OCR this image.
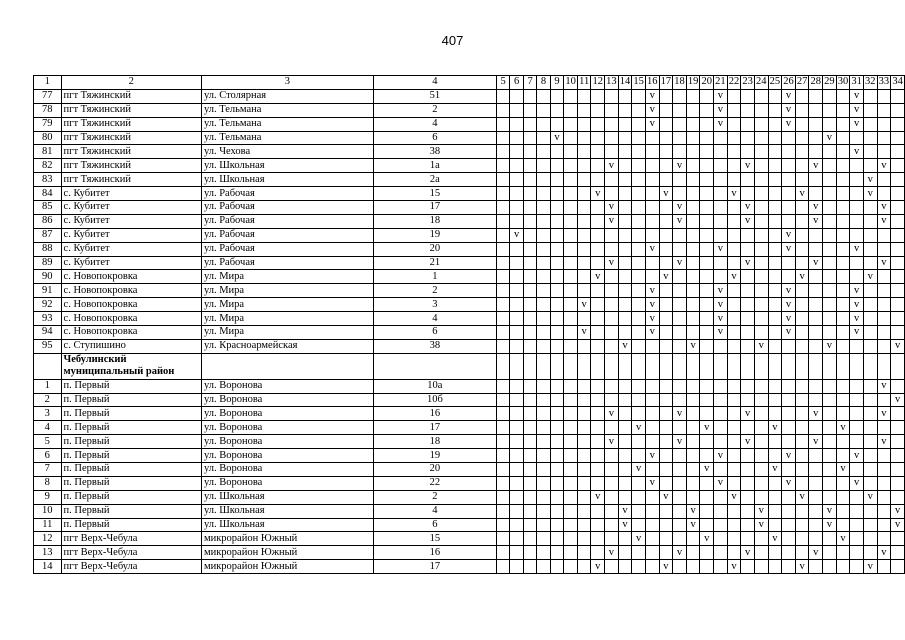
407
1	2	3	4	5	6	7	8	9	10	11	12	13	14	15	16	17	18	19	20	21	22	23	24	25	26	27	28	29	30	31	32	33	34
77	пгт Тяжинский	ул. Столярная	51												v					v					v					v			
78	пгт Тяжинский	ул. Тельмана	2												v					v					v					v			
79	пгт Тяжинский	ул. Тельмана	4												v					v					v					v			
80	пгт Тяжинский	ул. Тельмана	6					v																				v					
81	пгт Тяжинский	ул. Чехова	38																											v			
82	пгт Тяжинский	ул. Школьная	1а									v					v					v					v					v	
83	пгт Тяжинский	ул. Школьная	2а																												v		
84	с. Кубитет	ул. Рабочая	15								v					v					v					v					v		
85	с. Кубитет	ул. Рабочая	17									v					v					v					v					v	
86	с. Кубитет	ул. Рабочая	18									v					v					v					v					v	
87	с. Кубитет	ул. Рабочая	19		v																				v								
88	с. Кубитет	ул. Рабочая	20												v					v					v					v			
89	с. Кубитет	ул. Рабочая	21									v					v					v					v					v	
90	с. Новопокровка	ул. Мира	1								v					v					v					v					v		
91	с. Новопокровка	ул. Мира	2												v					v					v					v			
92	с. Новопокровка	ул. Мира	3							v					v					v					v					v			
93	с. Новопокровка	ул. Мира	4												v					v					v					v			
94	с. Новопокровка	ул. Мира	6							v					v					v					v					v			
95	с. Ступишино	ул. Красноармейская	38										v					v					v					v					v
	Чебулинский муниципальный район																																
1	п. Первый	ул. Воронова	10а																													v	
2	п. Первый	ул. Воронова	10б																														v
3	п. Первый	ул. Воронова	16									v					v					v					v					v	
4	п. Первый	ул. Воронова	17											v					v					v					v				
5	п. Первый	ул. Воронова	18									v					v					v					v					v	
6	п. Первый	ул. Воронова	19												v					v					v					v			
7	п. Первый	ул. Воронова	20											v					v					v					v				
8	п. Первый	ул. Воронова	22												v					v					v					v			
9	п. Первый	ул. Школьная	2								v					v					v					v					v		
10	п. Первый	ул. Школьная	4										v					v					v					v					v
11	п. Первый	ул. Школьная	6										v					v					v					v					v
12	пгт Верх-Чебула	микрорайон Южный	15											v					v					v					v				
13	пгт Верх-Чебула	микрорайон Южный	16									v					v					v					v					v	
14	пгт Верх-Чебула	микрорайон Южный	17								v					v					v					v					v		
